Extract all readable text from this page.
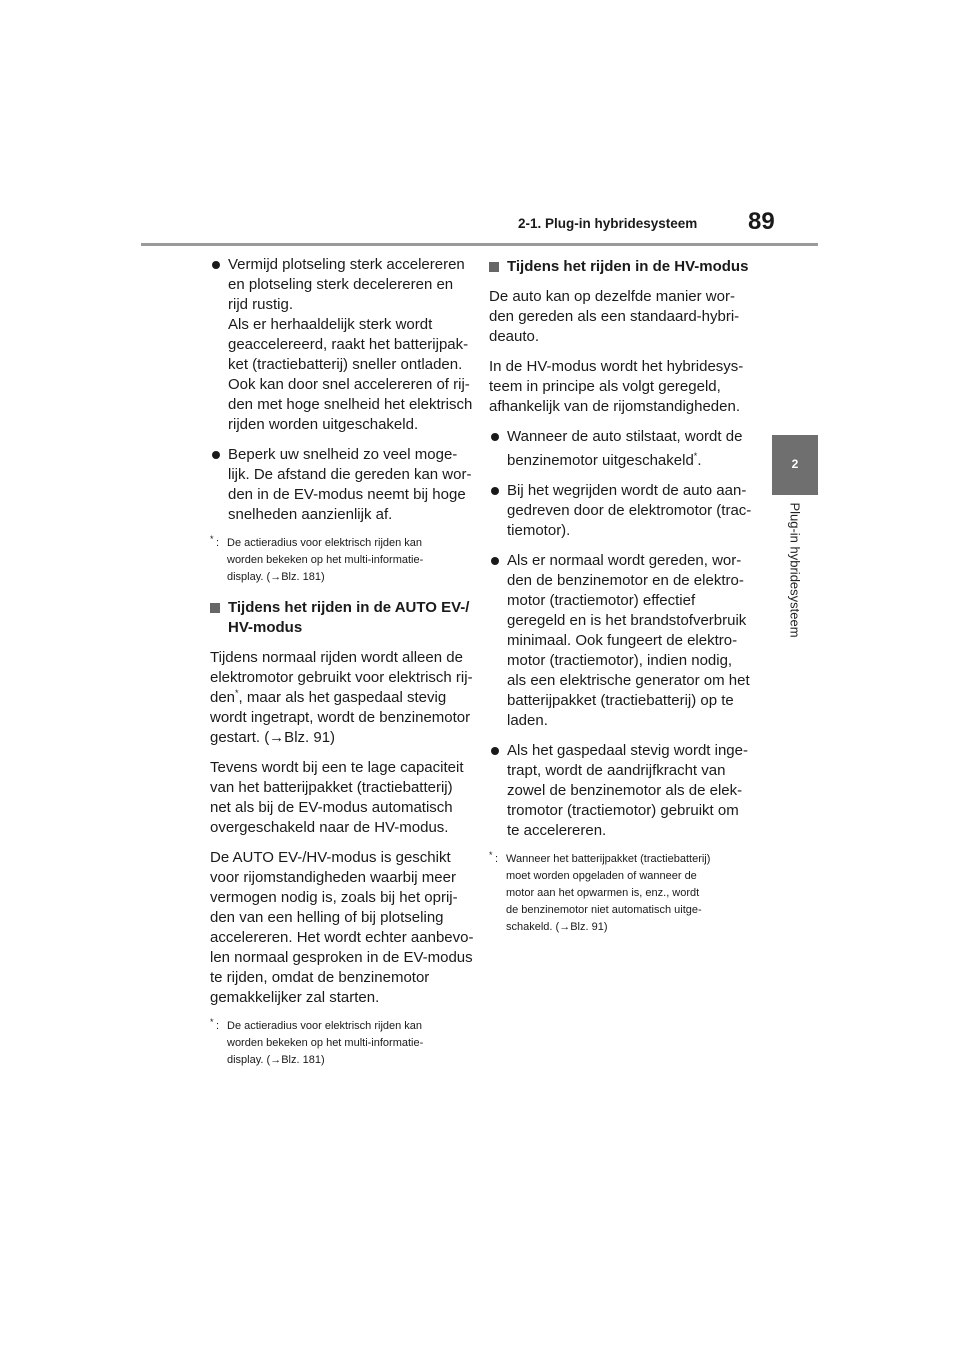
2-1. Plug-in hybridesysteem 89
2
Plug-in hybridesysteem
Vermijd plotseling sterk accelereren
en plotseling sterk decelereren en
rijd rustig.
Als er herhaaldelijk sterk wordt
geaccelereerd, raakt het batterijpak-
ket (tractiebatterij) sneller ontladen.
Ook kan door snel accelereren of rij-
den met hoge snelheid het elektrisch
rijden worden uitgeschakeld.
Beperk uw snelheid zo veel moge-
lijk. De afstand die gereden kan wor-
den in de EV-modus neemt bij hoge
snelheden aanzienlijk af.
* : De actieradius voor elektrisch rijden kan
worden bekeken op het multi-informatie-
display. (→Blz. 181)
Tijdens het rijden in de AUTO EV-/
HV-modus
Tijdens normaal rijden wordt alleen de
elektromotor gebruikt voor elektrisch rij-
den*, maar als het gaspedaal stevig
wordt ingetrapt, wordt de benzinemotor
gestart. (→Blz. 91)
Tevens wordt bij een te lage capaciteit
van het batterijpakket (tractiebatterij)
net als bij de EV-modus automatisch
overgeschakeld naar de HV-modus.
De AUTO EV-/HV-modus is geschikt
voor rijomstandigheden waarbij meer
vermogen nodig is, zoals bij het oprij-
den van een helling of bij plotseling
accelereren. Het wordt echter aanbevo-
len normaal gesproken in de EV-modus
te rijden, omdat de benzinemotor
gemakkelijker zal starten.
* : De actieradius voor elektrisch rijden kan
worden bekeken op het multi-informatie-
display. (→Blz. 181)
Tijdens het rijden in de HV-modus
De auto kan op dezelfde manier wor-
den gereden als een standaard-hybri-
deauto.
In de HV-modus wordt het hybridesys-
teem in principe als volgt geregeld,
afhankelijk van de rijomstandigheden.
Wanneer de auto stilstaat, wordt de
benzinemotor uitgeschakeld*.
Bij het wegrijden wordt de auto aan-
gedreven door de elektromotor (trac-
tiemotor).
Als er normaal wordt gereden, wor-
den de benzinemotor en de elektro-
motor (tractiemotor) effectief
geregeld en is het brandstofverbruik
minimaal. Ook fungeert de elektro-
motor (tractiemotor), indien nodig,
als een elektrische generator om het
batterijpakket (tractiebatterij) op te
laden.
Als het gaspedaal stevig wordt inge-
trapt, wordt de aandrijfkracht van
zowel de benzinemotor als de elek-
tromotor (tractiemotor) gebruikt om
te accelereren.
* : Wanneer het batterijpakket (tractiebatterij)
moet worden opgeladen of wanneer de
motor aan het opwarmen is, enz., wordt
de benzinemotor niet automatisch uitge-
schakeld. (→Blz. 91)
